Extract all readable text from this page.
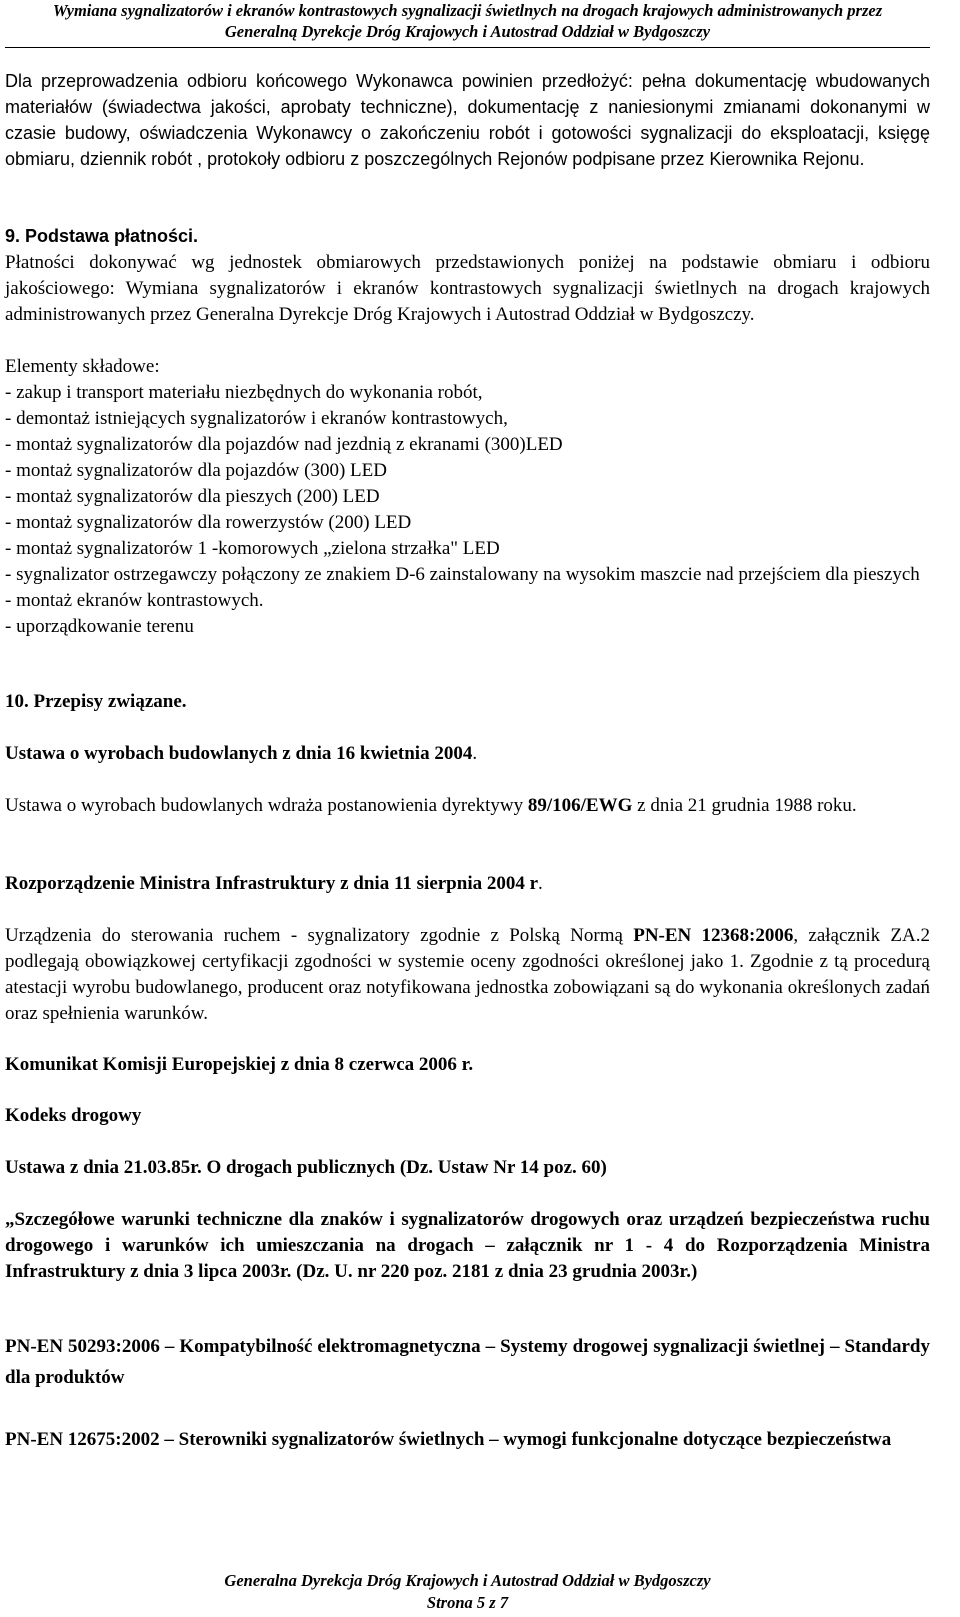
Wymiana sygnalizatorów i ekranów kontrastowych sygnalizacji świetlnych na drogach krajowych administrowanych przez
Generalną Dyrekcje Dróg Krajowych i Autostrad Oddział w Bydgoszczy

Dla przeprowadzenia odbioru końcowego Wykonawca powinien przedłożyć: pełna dokumentację wbudowanych materiałów (świadectwa jakości, aprobaty techniczne), dokumentację z naniesionymi zmianami dokonanymi w czasie budowy, oświadczenia Wykonawcy o zakończeniu robót i gotowości sygnalizacji do eksploatacji, księgę obmiaru, dziennik robót , protokoły odbioru z poszczególnych Rejonów podpisane przez Kierownika Rejonu.

9. Podstawa płatności.

Płatności dokonywać wg jednostek obmiarowych przedstawionych poniżej na podstawie obmiaru i odbioru jakościowego: Wymiana sygnalizatorów i ekranów kontrastowych sygnalizacji świetlnych na drogach krajowych administrowanych przez Generalna Dyrekcje Dróg Krajowych i Autostrad Oddział w Bydgoszczy.

Elementy składowe:
- zakup i transport materiału niezbędnych do wykonania robót,
- demontaż istniejących sygnalizatorów i ekranów kontrastowych,
- montaż sygnalizatorów dla pojazdów nad jezdnią z ekranami (300)LED
- montaż sygnalizatorów dla pojazdów (300) LED
- montaż sygnalizatorów dla pieszych (200) LED
- montaż sygnalizatorów dla rowerzystów (200) LED
- montaż sygnalizatorów 1 -komorowych „zielona strzałka" LED
- sygnalizator ostrzegawczy połączony ze znakiem D-6 zainstalowany na wysokim maszcie nad przejściem dla pieszych
- montaż ekranów kontrastowych.
- uporządkowanie terenu
10. Przepisy związane.
Ustawa o wyrobach budowlanych z dnia 16 kwietnia 2004.

Ustawa o wyrobach budowlanych wdraża postanowienia dyrektywy 89/106/EWG z dnia 21 grudnia 1988 roku.

Rozporządzenie Ministra Infrastruktury z dnia 11 sierpnia 2004 r.

Urządzenia do sterowania ruchem - sygnalizatory zgodnie z Polską Normą PN-EN 12368:2006, załącznik ZA.2 podlegają obowiązkowej certyfikacji zgodności w systemie oceny zgodności określonej jako 1. Zgodnie z tą procedurą atestacji wyrobu budowlanego, producent oraz notyfikowana jednostka zobowiązani są do wykonania określonych zadań oraz spełnienia warunków.

Komunikat Komisji Europejskiej z dnia 8 czerwca 2006 r.
Kodeks drogowy
Ustawa z dnia 21.03.85r. O drogach publicznych (Dz. Ustaw Nr 14 poz. 60)

„Szczegółowe warunki techniczne dla znaków i sygnalizatorów drogowych oraz urządzeń bezpieczeństwa ruchu drogowego i warunków ich umieszczania na drogach – załącznik nr 1 - 4 do Rozporządzenia Ministra Infrastruktury z dnia 3 lipca 2003r. (Dz. U. nr 220 poz. 2181 z dnia 23 grudnia 2003r.)

PN-EN 50293:2006 – Kompatybilność elektromagnetyczna – Systemy drogowej sygnalizacji świetlnej – Standardy dla produktów

PN-EN 12675:2002 – Sterowniki sygnalizatorów świetlnych – wymogi funkcjonalne dotyczące bezpieczeństwa

Generalna Dyrekcja Dróg Krajowych i Autostrad Oddział w Bydgoszczy
Strona 5 z 7
